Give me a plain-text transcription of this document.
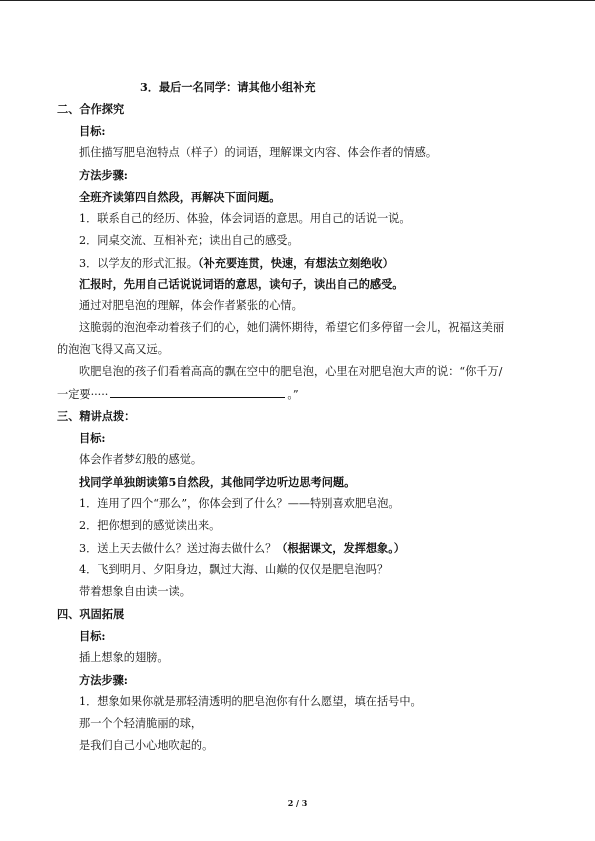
3．最后一名同学：请其他小组补充
二、合作探究
目标:
抓住描写肥皂泡特点（样子）的词语，理解课文内容、体会作者的情感。
方法步骤:
全班齐读第四自然段，再解决下面问题。
1．联系自己的经历、体验，体会词语的意思。用自己的话说一说。
2．同桌交流、互相补充；读出自己的感受。
3．以学友的形式汇报。（补充要连贯，快速，有想法立刻绝收）
汇报时，先用自己话说说词语的意思，读句子，读出自己的感受。
通过对肥皂泡的理解，体会作者紧张的心情。
这脆弱的泡泡牵动着孩子们的心，她们满怀期待，希望它们多停留一会儿，祝福这美丽
的泡泡飞得又高又远。
吹肥皂泡的孩子们看着高高的飘在空中的肥皂泡，心里在对肥皂泡大声的说：“你千万/
一定要·····	。”
三、精讲点拨：
目标:
体会作者梦幻般的感觉。
找同学单独朗读第5自然段，其他同学边听边思考问题。
1．连用了四个“那么”，你体会到了什么？——特别喜欢肥皂泡。
2．把你想到的感觉读出来。
3．送上天去做什么？送过海去做什么？（根据课文，发挥想象。）
4．飞到明月、夕阳身边，飘过大海、山巅的仅仅是肥皂泡吗？
带着想象自由读一读。
四、巩固拓展
目标:
插上想象的翅膀。
方法步骤:
1．想象如果你就是那轻清透明的肥皂泡你有什么愿望，填在括号中。
那一个个轻清脆丽的球，
是我们自己小心地吹起的。
2 / 3
